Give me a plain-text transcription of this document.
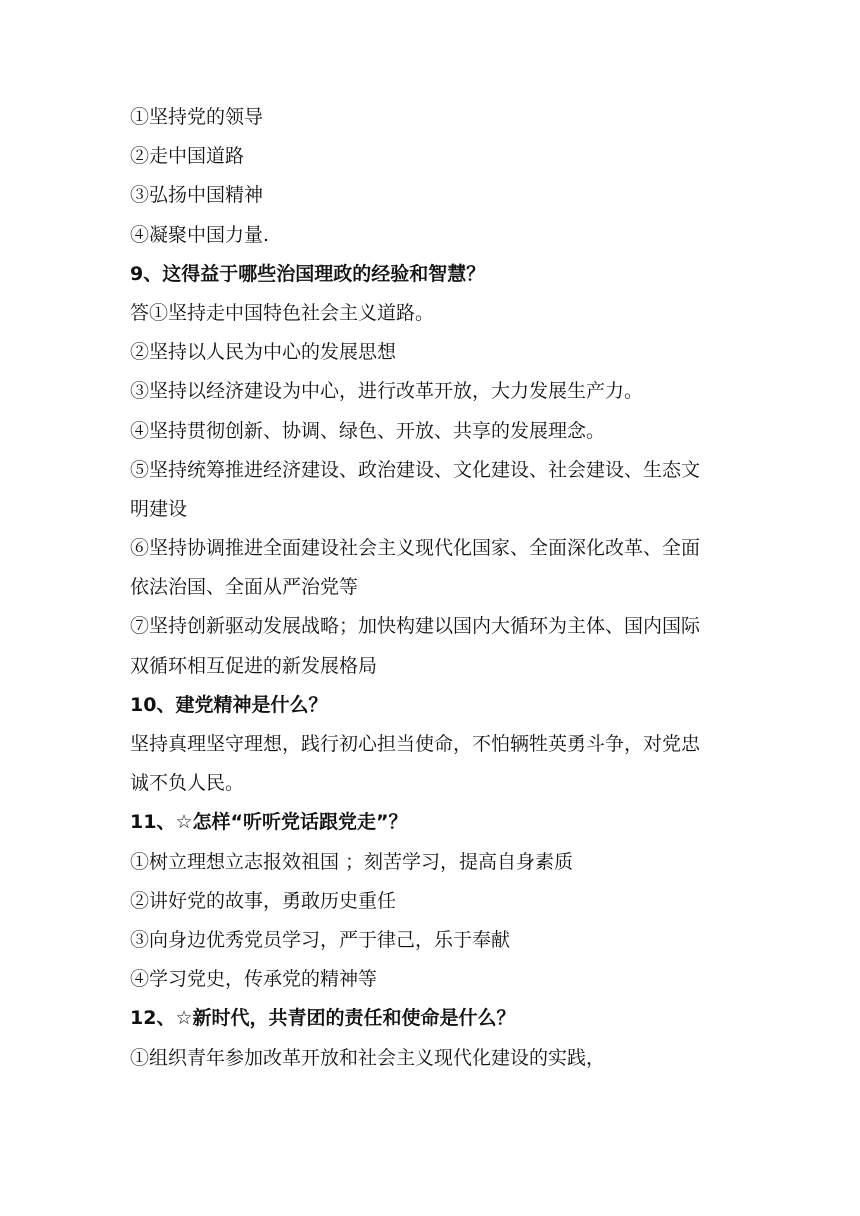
①坚持党的领导
②走中国道路
③弘扬中国精神
④凝聚中国力量.
9、这得益于哪些治国理政的经验和智慧？
答①坚持走中国特色社会主义道路。
②坚持以人民为中心的发展思想
③坚持以经济建设为中心，进行改革开放，大力发展生产力。
④坚持贯彻创新、协调、绿色、开放、共享的发展理念。
⑤坚持统筹推进经济建设、政治建设、文化建设、社会建设、生态文
明建设
⑥坚持协调推进全面建设社会主义现代化国家、全面深化改革、全面
依法治国、全面从严治党等
⑦坚持创新驱动发展战略；加快构建以国内大循环为主体、国内国际
双循环相互促进的新发展格局
10、建党精神是什么？
坚持真理坚守理想，践行初心担当使命，不怕辆牲英勇斗争，对党忠
诚不负人民。
11、☆怎样“听听党话跟党走”？
①树立理想立志报效祖国 ；刻苦学习，提高自身素质
②讲好党的故事，勇敢历史重任
③向身边优秀党员学习，严于律己，乐于奉献
④学习党史，传承党的精神等
12、☆新时代，共青团的责任和使命是什么？
①组织青年参加改革开放和社会主义现代化建设的实践，
